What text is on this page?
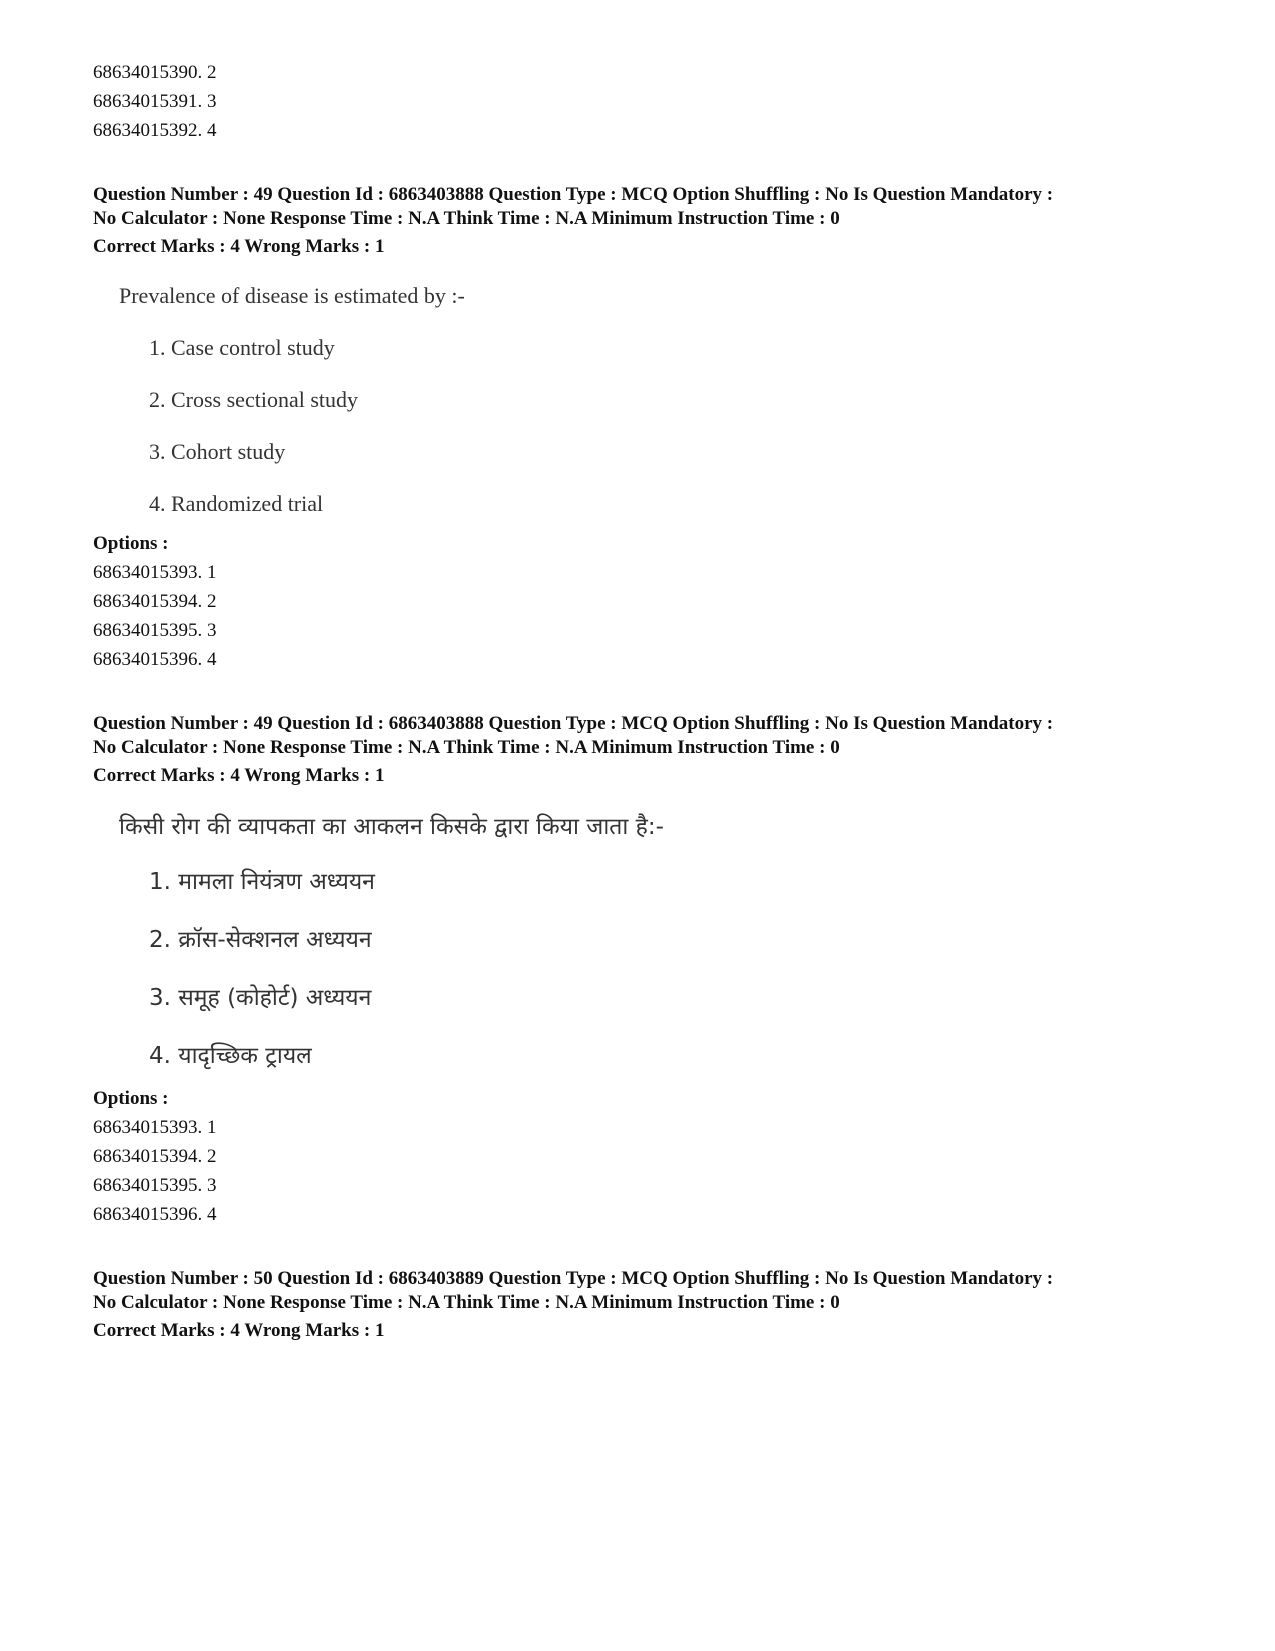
68634015390. 2
68634015391. 3
68634015392. 4
Question Number : 49 Question Id : 6863403888 Question Type : MCQ Option Shuffling : No Is Question Mandatory :
No Calculator : None Response Time : N.A Think Time : N.A Minimum Instruction Time : 0
Correct Marks : 4 Wrong Marks : 1
Prevalence of disease is estimated by :-
1. Case control study
2. Cross sectional study
3. Cohort study
4. Randomized trial
Options :
68634015393. 1
68634015394. 2
68634015395. 3
68634015396. 4
Question Number : 49 Question Id : 6863403888 Question Type : MCQ Option Shuffling : No Is Question Mandatory :
No Calculator : None Response Time : N.A Think Time : N.A Minimum Instruction Time : 0
Correct Marks : 4 Wrong Marks : 1
किसी रोग की व्यापकता का आकलन किसके द्वारा किया जाता है:-
1. मामला नियंत्रण अध्ययन
2. क्रॉस-सेक्शनल अध्ययन
3. समूह (कोहोर्ट) अध्ययन
4. यादृच्छिक ट्रायल
Options :
68634015393. 1
68634015394. 2
68634015395. 3
68634015396. 4
Question Number : 50 Question Id : 6863403889 Question Type : MCQ Option Shuffling : No Is Question Mandatory :
No Calculator : None Response Time : N.A Think Time : N.A Minimum Instruction Time : 0
Correct Marks : 4 Wrong Marks : 1
